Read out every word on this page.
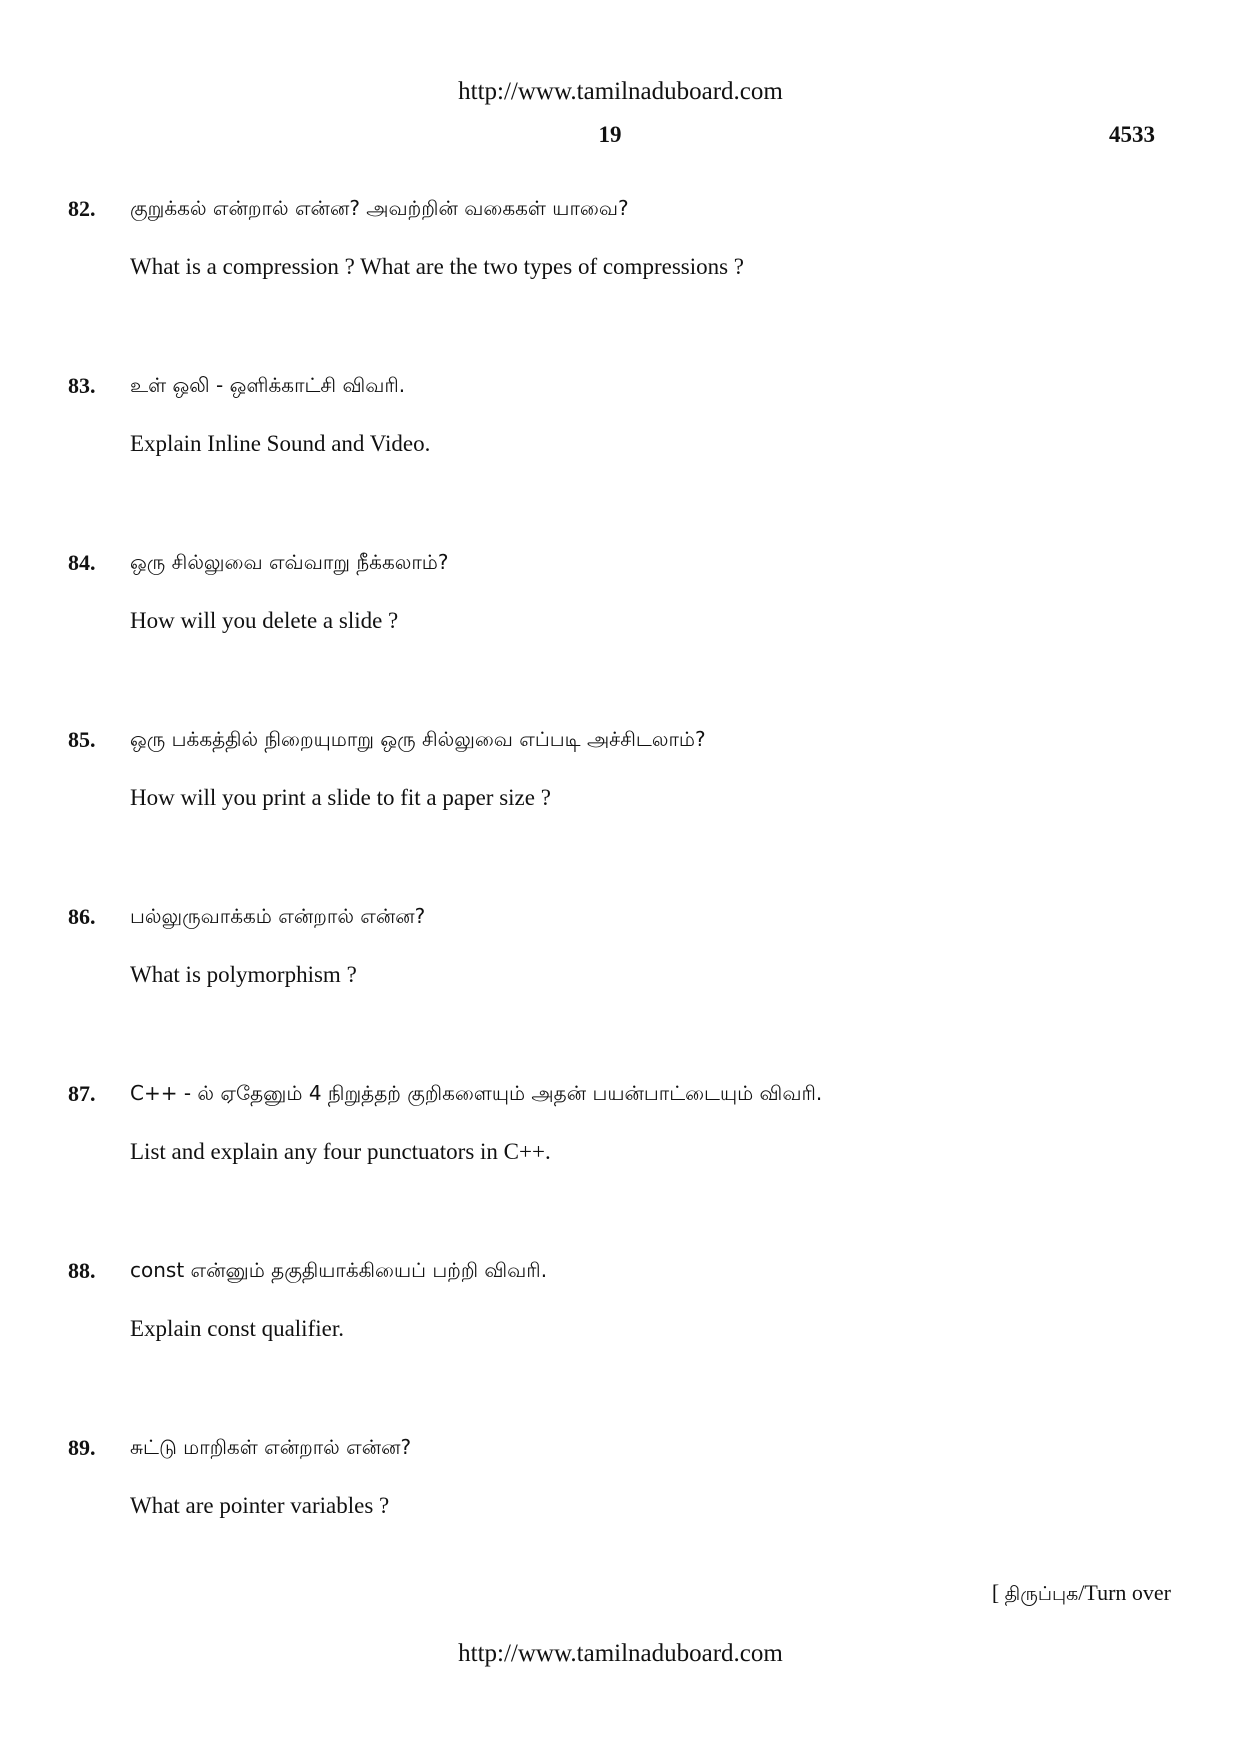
http://www.tamilnaduboard.com
19	4533
82. குறுக்கல் என்றால் என்ன? அவற்றின் வகைகள் யாவை?
What is a compression ? What are the two types of compressions ?
83. உள் ஒலி - ஒளிக்காட்சி விவரி.
Explain Inline Sound and Video.
84. ஒரு சில்லுவை எவ்வாறு நீக்கலாம்?
How will you delete a slide ?
85. ஒரு பக்கத்தில் நிறையுமாறு ஒரு சில்லுவை எப்படி அச்சிடலாம்?
How will you print a slide to fit a paper size ?
86. பல்லுருவாக்கம் என்றால் என்ன?
What is polymorphism ?
87. C++ - ல் ஏதேனும் 4 நிறுத்தற் குறிகளையும் அதன் பயன்பாட்டையும் விவரி.
List and explain any four punctuators in C++.
88. const என்னும் தகுதியாக்கியைப் பற்றி விவரி.
Explain const qualifier.
89. சுட்டு மாறிகள் என்றால் என்ன?
What are pointer variables ?
[ திருப்புக/Turn over
http://www.tamilnaduboard.com
